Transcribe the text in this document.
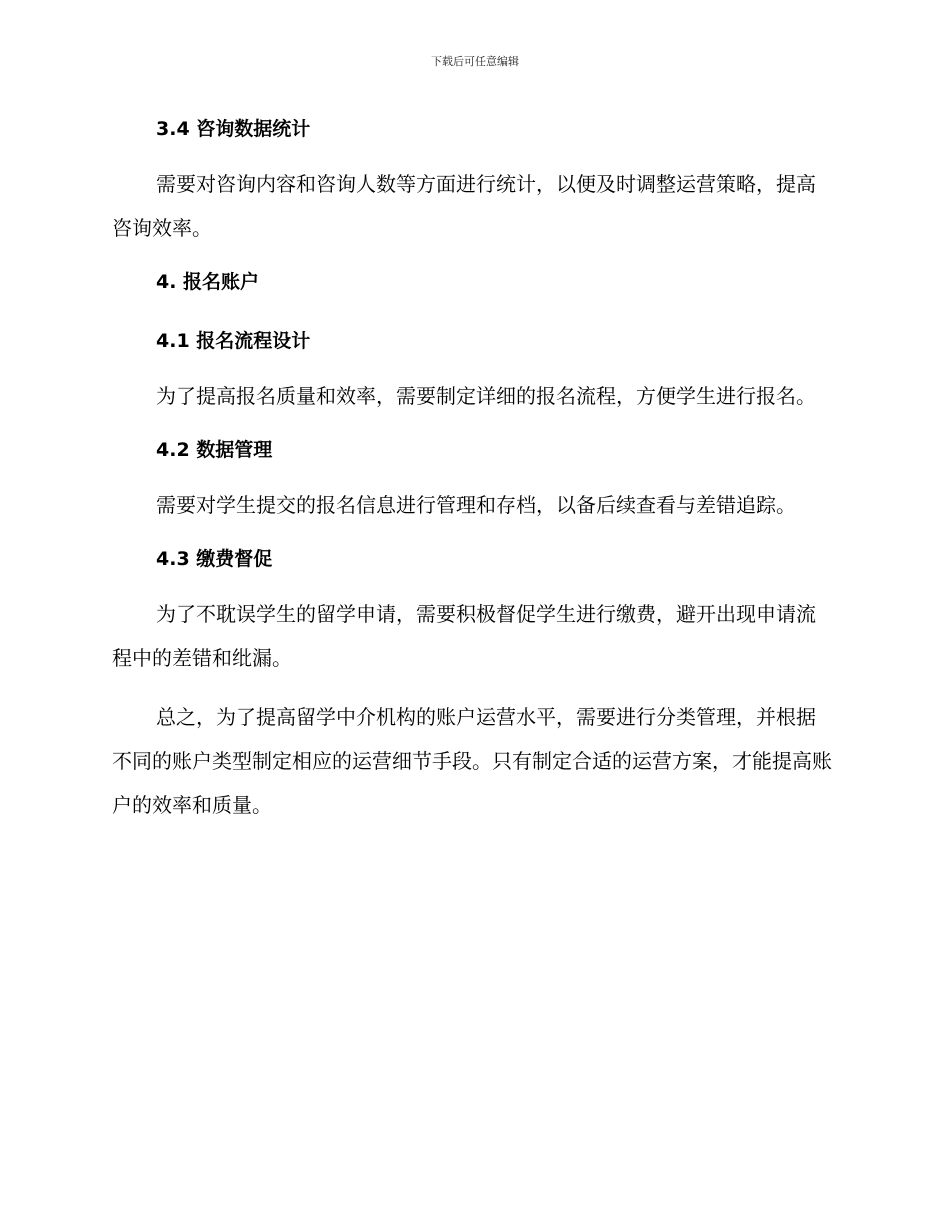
下载后可任意编辑
3.4 咨询数据统计

需要对咨询内容和咨询人数等方面进行统计，以便及时调整运营策略，提高咨询效率。

4. 报名账户
4.1 报名流程设计

为了提高报名质量和效率，需要制定详细的报名流程，方便学生进行报名。

4.2 数据管理

需要对学生提交的报名信息进行管理和存档，以备后续查看与差错追踪。

4.3 缴费督促

为了不耽误学生的留学申请，需要积极督促学生进行缴费，避开出现申请流程中的差错和纰漏。

总之，为了提高留学中介机构的账户运营水平，需要进行分类管理，并根据不同的账户类型制定相应的运营细节手段。只有制定合适的运营方案，才能提高账户的效率和质量。
